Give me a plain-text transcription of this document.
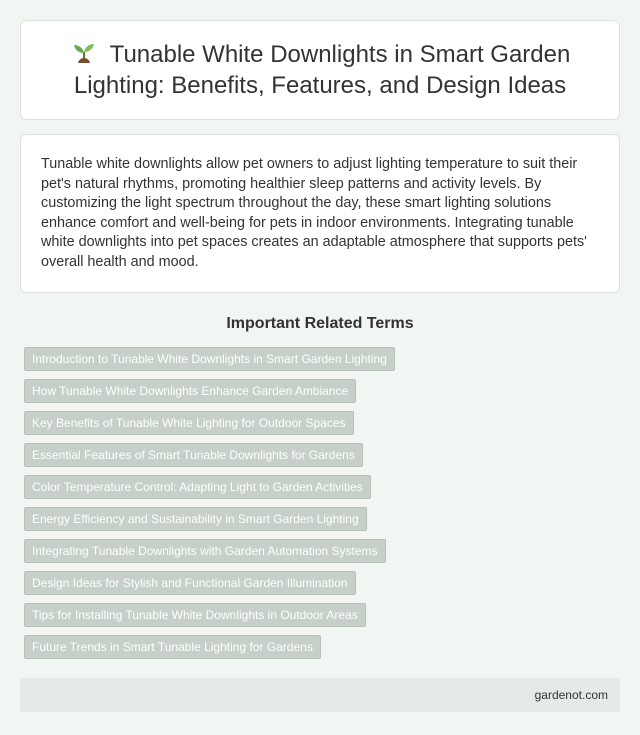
Tunable White Downlights in Smart Garden Lighting: Benefits, Features, and Design Ideas

Tunable white downlights allow pet owners to adjust lighting temperature to suit their pet's natural rhythms, promoting healthier sleep patterns and activity levels. By customizing the light spectrum throughout the day, these smart lighting solutions enhance comfort and well-being for pets in indoor environments. Integrating tunable white downlights into pet spaces creates an adaptable atmosphere that supports pets' overall health and mood.

Important Related Terms
Introduction to Tunable White Downlights in Smart Garden Lighting
How Tunable White Downlights Enhance Garden Ambiance
Key Benefits of Tunable White Lighting for Outdoor Spaces
Essential Features of Smart Tunable Downlights for Gardens
Color Temperature Control: Adapting Light to Garden Activities
Energy Efficiency and Sustainability in Smart Garden Lighting
Integrating Tunable Downlights with Garden Automation Systems
Design Ideas for Stylish and Functional Garden Illumination
Tips for Installing Tunable White Downlights in Outdoor Areas
Future Trends in Smart Tunable Lighting for Gardens
gardenot.com
